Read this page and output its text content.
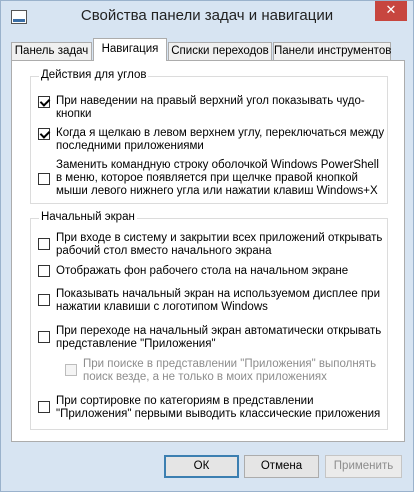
Свойства панели задач и навигации	✕
Панель задач	Навигация	Списки переходов Панели инструментов
Действия для углов
При наведении на правый верхний угол показывать чудо-кнопки
Когда я щелкаю в левом верхнем углу, переключаться между последними приложениями
Заменить командную строку оболочкой Windows PowerShell в меню, которое появляется при щелчке правой кнопкой мыши левого нижнего угла или нажатии клавиш Windows+X
Начальный экран
При входе в систему и закрытии всех приложений открывать рабочий стол вместо начального экрана
Отображать фон рабочего стола на начальном экране
Показывать начальный экран на используемом дисплее при нажатии клавиши с логотипом Windows
При переходе на начальный экран автоматически открывать представление "Приложения"
При поиске в представлении "Приложения" выполнять поиск везде, а не только в моих приложениях
При сортировке по категориям в представлении "Приложения" первыми выводить классические приложения
ОК	Отмена	Применить
